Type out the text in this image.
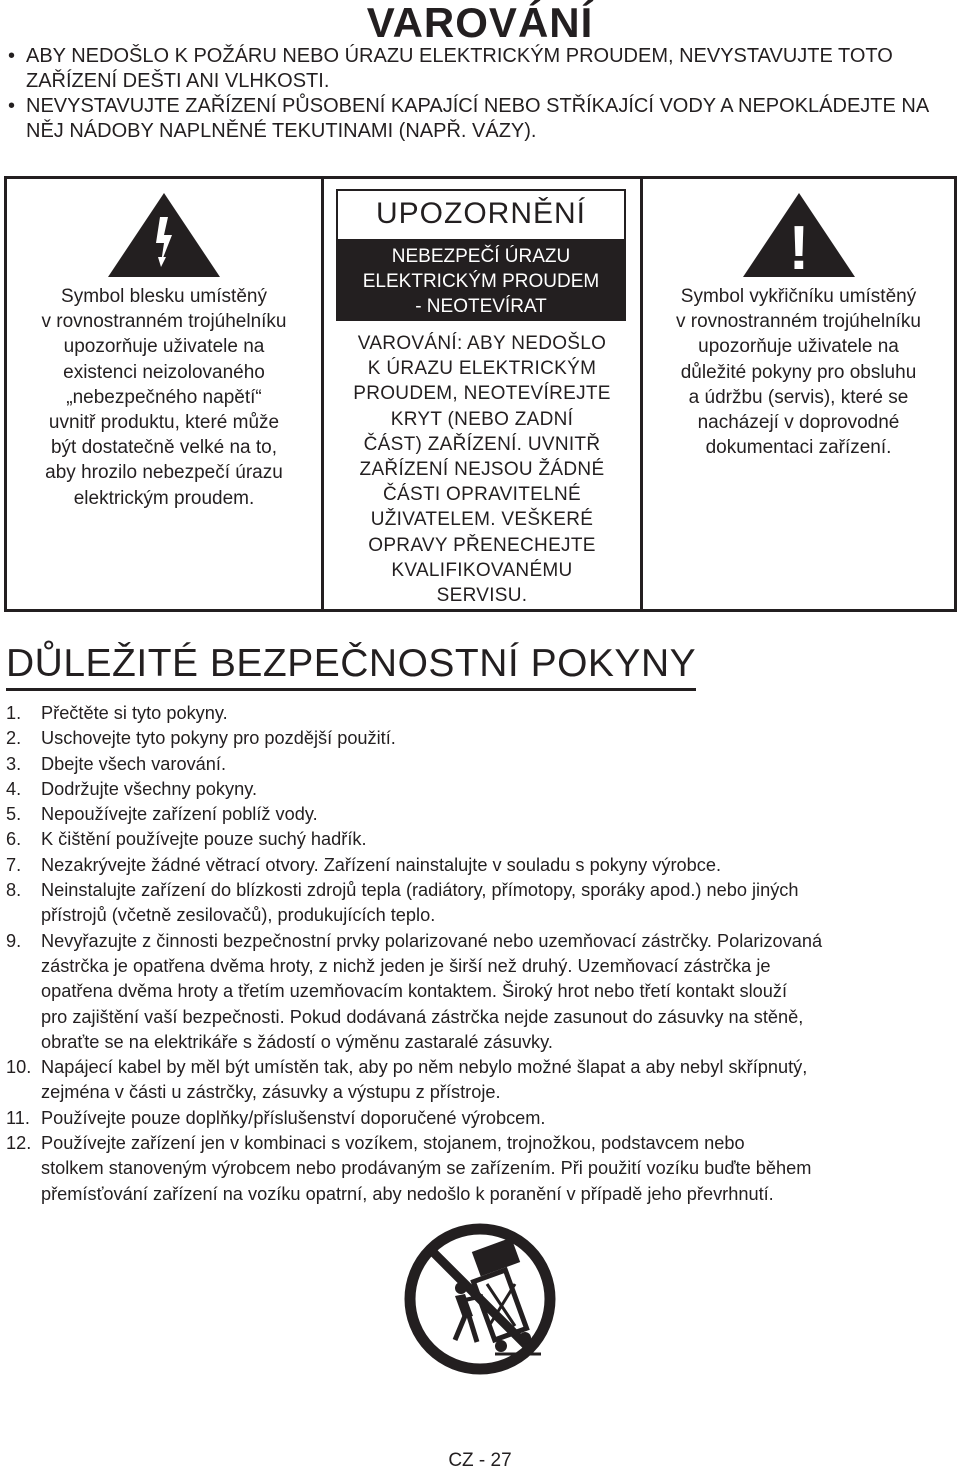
VAROVÁNÍ
• ABY NEDOŠLO K POŽÁRU NEBO ÚRAZU ELEKTRICKÝM PROUDEM, NEVYSTAVUJTE TOTO ZAŘÍZENÍ DEŠTI ANI VLHKOSTI.
• NEVYSTAVUJTE ZAŘÍZENÍ PŮSOBENÍ KAPAJÍCÍ NEBO STŘÍKAJÍCÍ VODY A NEPOKLÁDEJTE NA NĚJ NÁDOBY NAPLNĚNÉ TEKUTINAMI (NAPŘ. VÁZY).
Symbol blesku umístěný
v rovnostranném trojúhelníku
upozorňuje uživatele na
existenci neizolovaného
„nebezpečného napětí“
uvnitř produktu, které může
být dostatečně velké na to,
aby hrozilo nebezpečí úrazu
elektrickým proudem.
UPOZORNĚNÍ
NEBEZPEČÍ ÚRAZU
ELEKTRICKÝM PROUDEM
- NEOTEVÍRAT
VAROVÁNÍ: ABY NEDOŠLO
K ÚRAZU ELEKTRICKÝM
PROUDEM, NEOTEVÍREJTE
KRYT (NEBO ZADNÍ
ČÁST) ZAŘÍZENÍ. UVNITŘ
ZAŘÍZENÍ NEJSOU ŽÁDNÉ
ČÁSTI OPRAVITELNÉ
UŽIVATELEM. VEŠKERÉ
OPRAVY PŘENECHEJTE
KVALIFIKOVANÉMU
SERVISU.
!
Symbol vykřičníku umístěný
v rovnostranném trojúhelníku
upozorňuje uživatele na
důležité pokyny pro obsluhu
a údržbu (servis), které se
nacházejí v doprovodné
dokumentaci zařízení.
DŮLEŽITÉ BEZPEČNOSTNÍ POKYNY
1. Přečtěte si tyto pokyny.
2. Uschovejte tyto pokyny pro pozdější použití.
3. Dbejte všech varování.
4. Dodržujte všechny pokyny.
5. Nepoužívejte zařízení poblíž vody.
6. K čištění používejte pouze suchý hadřík.
7. Nezakrývejte žádné větrací otvory. Zařízení nainstalujte v souladu s pokyny výrobce.
8. Neinstalujte zařízení do blízkosti zdrojů tepla (radiátory, přímotopy, sporáky apod.) nebo jiných
přístrojů (včetně zesilovačů), produkujících teplo.
9. Nevyřazujte z činnosti bezpečnostní prvky polarizované nebo uzemňovací zástrčky. Polarizovaná
zástrčka je opatřena dvěma hroty, z nichž jeden je širší než druhý. Uzemňovací zástrčka je
opatřena dvěma hroty a třetím uzemňovacím kontaktem. Široký hrot nebo třetí kontakt slouží
pro zajištění vaší bezpečnosti. Pokud dodávaná zástrčka nejde zasunout do zásuvky na stěně,
obraťte se na elektrikáře s žádostí o výměnu zastaralé zásuvky.
10. Napájecí kabel by měl být umístěn tak, aby po něm nebylo možné šlapat a aby nebyl skřípnutý,
zejména v části u zástrčky, zásuvky a výstupu z přístroje.
11. Používejte pouze doplňky/příslušenství doporučené výrobcem.
12. Používejte zařízení jen v kombinaci s vozíkem, stojanem, trojnožkou, podstavcem nebo
stolkem stanoveným výrobcem nebo prodávaným se zařízením. Při použití vozíku buďte během
přemísťování zařízení na vozíku opatrní, aby nedošlo k poranění v případě jeho převrhnutí.
CZ - 27
